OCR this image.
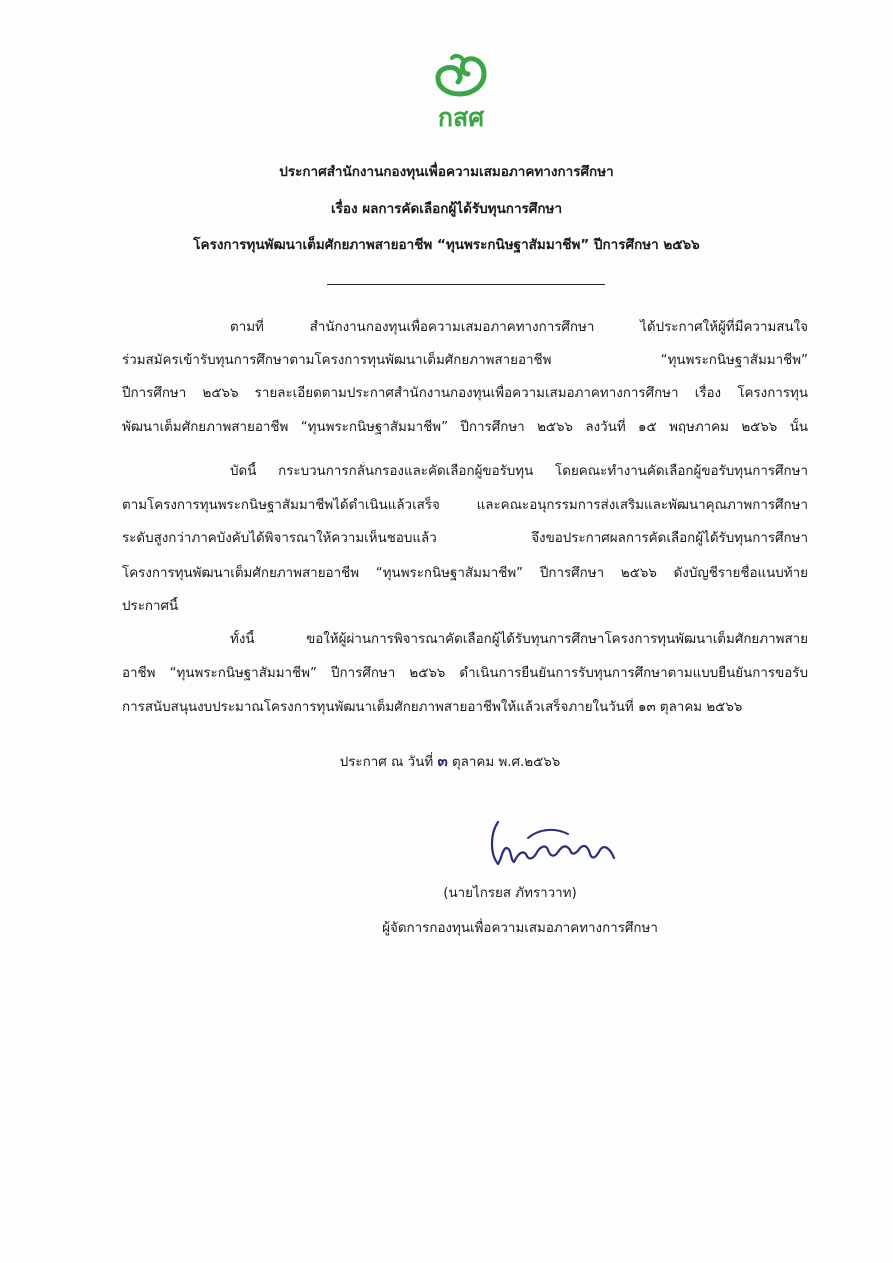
กสศ
ประกาศสำนักงานกองทุนเพื่อความเสมอภาคทางการศึกษา
เรื่อง ผลการคัดเลือกผู้ได้รับทุนการศึกษา
โครงการทุนพัฒนาเต็มศักยภาพสายอาชีพ “ทุนพระกนิษฐาสัมมาชีพ” ปีการศึกษา ๒๕๖๖
ตามที่ สำนักงานกองทุนเพื่อความเสมอภาคทางการศึกษา ได้ประกาศให้ผู้ที่มีความสนใจ
ร่วมสมัครเข้ารับทุนการศึกษาตามโครงการทุนพัฒนาเต็มศักยภาพสายอาชีพ “ทุนพระกนิษฐาสัมมาชีพ”
ปีการศึกษา ๒๕๖๖ รายละเอียดตามประกาศสำนักงานกองทุนเพื่อความเสมอภาคทางการศึกษา เรื่อง โครงการทุน
พัฒนาเต็มศักยภาพสายอาชีพ “ทุนพระกนิษฐาสัมมาชีพ” ปีการศึกษา ๒๕๖๖ ลงวันที่ ๑๕ พฤษภาคม ๒๕๖๖ นั้น
บัดนี้ กระบวนการกลั่นกรองและคัดเลือกผู้ขอรับทุน โดยคณะทำงานคัดเลือกผู้ขอรับทุนการศึกษา
ตามโครงการทุนพระกนิษฐาสัมมาชีพได้ดำเนินแล้วเสร็จ และคณะอนุกรรมการส่งเสริมและพัฒนาคุณภาพการศึกษา
ระดับสูงกว่าภาคบังคับได้พิจารณาให้ความเห็นชอบแล้ว จึงขอประกาศผลการคัดเลือกผู้ได้รับทุนการศึกษา
โครงการทุนพัฒนาเต็มศักยภาพสายอาชีพ “ทุนพระกนิษฐาสัมมาชีพ” ปีการศึกษา ๒๕๖๖ ดังบัญชีรายชื่อแนบท้าย
ประกาศนี้
ทั้งนี้ ขอให้ผู้ผ่านการพิจารณาคัดเลือกผู้ได้รับทุนการศึกษาโครงการทุนพัฒนาเต็มศักยภาพสาย
อาชีพ “ทุนพระกนิษฐาสัมมาชีพ” ปีการศึกษา ๒๕๖๖ ดำเนินการยืนยันการรับทุนการศึกษาตามแบบยืนยันการขอรับ
การสนับสนุนงบประมาณโครงการทุนพัฒนาเต็มศักยภาพสายอาชีพให้แล้วเสร็จภายในวันที่ ๑๓ ตุลาคม ๒๕๖๖
ประกาศ ณ วันที่ ๓ ตุลาคม พ.ศ.๒๕๖๖
(นายไกรยส ภัทราวาท)
ผู้จัดการกองทุนเพื่อความเสมอภาคทางการศึกษา
